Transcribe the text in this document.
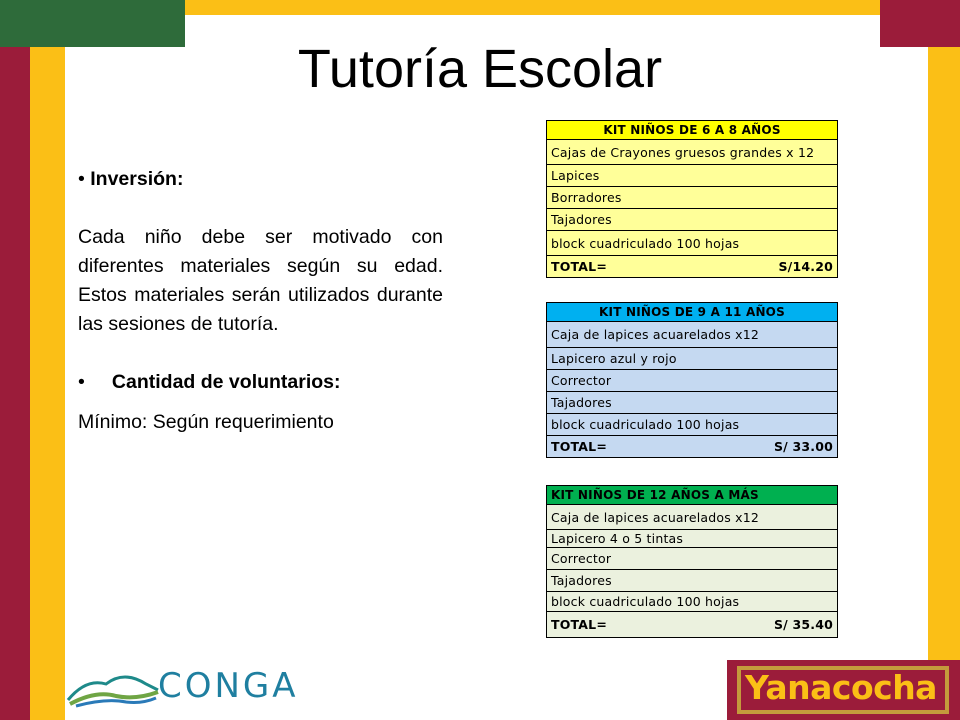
Tutoría Escolar

• Inversión:

Cada niño debe ser motivado con diferentes materiales según su edad. Estos materiales serán utilizados durante las sesiones de tutoría.

•     Cantidad de voluntarios:

Mínimo: Según requerimiento

KIT NIÑOS DE 6 A 8 AÑOS
Cajas de Crayones gruesos grandes x 12
Lapices
Borradores
Tajadores
block cuadriculado 100 hojas
TOTAL=	S/14.20
KIT NIÑOS DE 9 A 11 AÑOS
Caja de lapices acuarelados x12
Lapicero azul y rojo
Corrector
Tajadores
block cuadriculado 100 hojas
TOTAL=	S/ 33.00
KIT NIÑOS DE 12 AÑOS A MÁS
Caja de lapices acuarelados x12
Lapicero 4 o 5 tintas
Corrector
Tajadores
block cuadriculado 100 hojas
TOTAL=	S/ 35.40
CONGA	Yanacocha
